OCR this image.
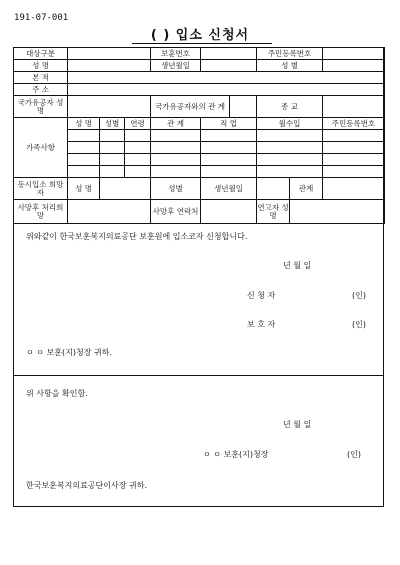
191-07-001
( ) 입소 신청서
대상구분				보훈번호			주민등록번호		
성 명				생년월일			성 별		
본 적									
주 소									
국가유공자 성 명				국가유공자와의 관 계			종 교		
가족사항	성 명	성별	연령	관 계	직 업		월수입		주민등록번호

동시입소 희망자	성 명			성별	생년월일			관계	
사망후 처리희망				사망후 연락처			연고자 성 명		
위와같이 한국보훈복지의료공단 보훈원에 입소코자 신청합니다.
년 월 일
신 청 자	(인)
보 호 자	(인)
ㅇ ㅇ 보훈(지)청장 귀하.
위 사항을 확인함.
년 월 일
ㅇ ㅇ 보훈(지)청장	(인)
한국보훈복지의료공단이사장 귀하.
